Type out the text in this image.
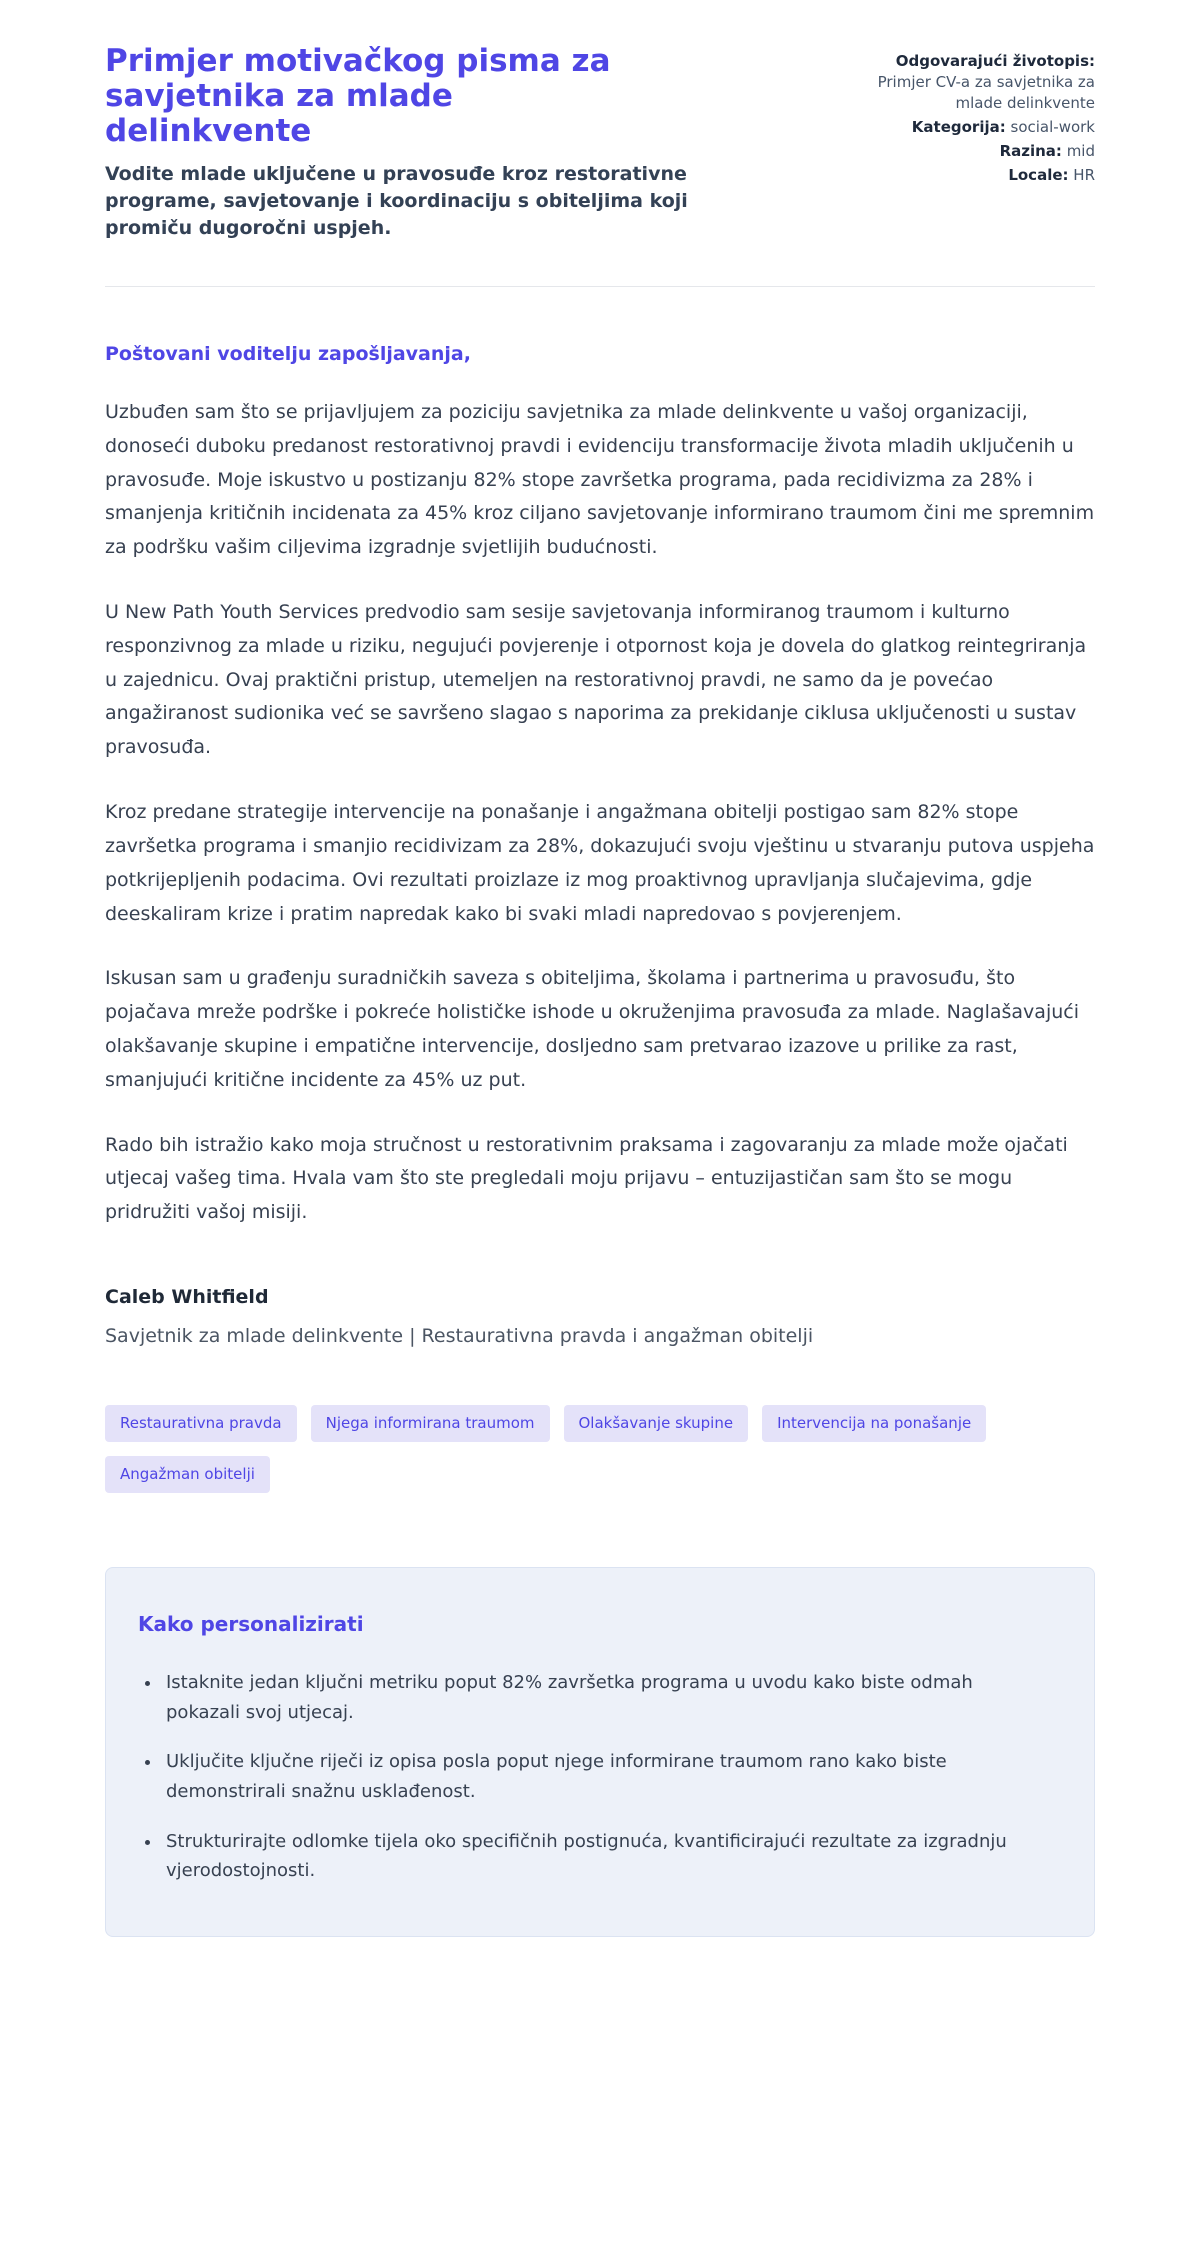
Primjer motivačkog pisma za savjetnika za mlade delinkvente

Vodite mlade uključene u pravosuđe kroz restorativne programe, savjetovanje i koordinaciju s obiteljima koji promiču dugoročni uspjeh.

Odgovarajući životopis:
Primjer CV-a za savjetnika za mlade delinkvente
Kategorija: social-work
Razina: mid
Locale: HR

Poštovani voditelju zapošljavanja,

Uzbuđen sam što se prijavljujem za poziciju savjetnika za mlade delinkvente u vašoj organizaciji, donoseći duboku predanost restorativnoj pravdi i evidenciju transformacije života mladih uključenih u pravosuđe. Moje iskustvo u postizanju 82% stope završetka programa, pada recidivizma za 28% i smanjenja kritičnih incidenata za 45% kroz ciljano savjetovanje informirano traumom čini me spremnim za podršku vašim ciljevima izgradnje svjetlijih budućnosti.

U New Path Youth Services predvodio sam sesije savjetovanja informiranog traumom i kulturno responzivnog za mlade u riziku, negujući povjerenje i otpornost koja je dovela do glatkog reintegriranja u zajednicu. Ovaj praktični pristup, utemeljen na restorativnoj pravdi, ne samo da je povećao angažiranost sudionika već se savršeno slagao s naporima za prekidanje ciklusa uključenosti u sustav pravosuđa.

Kroz predane strategije intervencije na ponašanje i angažmana obitelji postigao sam 82% stope završetka programa i smanjio recidivizam za 28%, dokazujući svoju vještinu u stvaranju putova uspjeha potkrijepljenih podacima. Ovi rezultati proizlaze iz mog proaktivnog upravljanja slučajevima, gdje deeskaliram krize i pratim napredak kako bi svaki mladi napredovao s povjerenjem.

Iskusan sam u građenju suradničkih saveza s obiteljima, školama i partnerima u pravosuđu, što pojačava mreže podrške i pokreće holističke ishode u okruženjima pravosuđa za mlade. Naglašavajući olakšavanje skupine i empatične intervencije, dosljedno sam pretvarao izazove u prilike za rast, smanjujući kritične incidente za 45% uz put.

Rado bih istražio kako moja stručnost u restorativnim praksama i zagovaranju za mlade može ojačati utjecaj vašeg tima. Hvala vam što ste pregledali moju prijavu – entuzijastičan sam što se mogu pridružiti vašoj misiji.

Caleb Whitfield

Savjetnik za mlade delinkvente | Restaurativna pravda i angažman obitelji

Restaurativna pravda	Njega informirana traumom	Olakšavanje skupine	Intervencija na ponašanje
Angažman obitelji
Kako personalizirati
• Istaknite jedan ključni metriku poput 82% završetka programa u uvodu kako biste odmah pokazali svoj utjecaj.
• Uključite ključne riječi iz opisa posla poput njege informirane traumom rano kako biste demonstrirali snažnu usklađenost.
• Strukturirajte odlomke tijela oko specifičnih postignuća, kvantificirajući rezultate za izgradnju vjerodostojnosti.
